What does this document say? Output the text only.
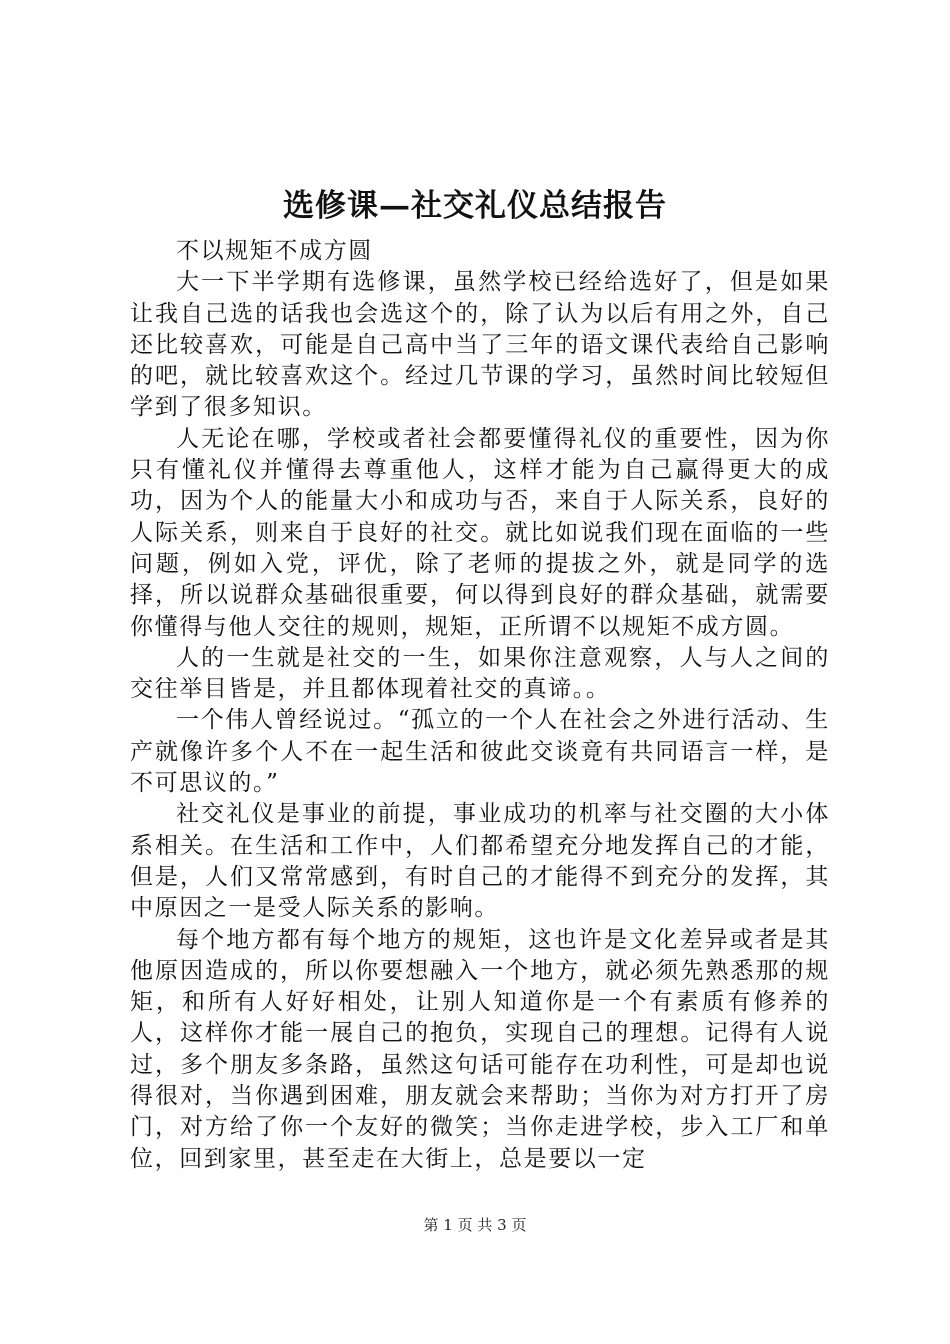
选修课—社交礼仪总结报告

不以规矩不成方圆

大一下半学期有选修课，虽然学校已经给选好了，但是如果让我自己选的话我也会选这个的，除了认为以后有用之外，自己还比较喜欢，可能是自己高中当了三年的语文课代表给自己影响的吧，就比较喜欢这个。经过几节课的学习，虽然时间比较短但学到了很多知识。

人无论在哪，学校或者社会都要懂得礼仪的重要性，因为你只有懂礼仪并懂得去尊重他人，这样才能为自己赢得更大的成功，因为个人的能量大小和成功与否，来自于人际关系，良好的人际关系，则来自于良好的社交。就比如说我们现在面临的一些问题，例如入党，评优，除了老师的提拔之外，就是同学的选择，所以说群众基础很重要，何以得到良好的群众基础，就需要你懂得与他人交往的规则，规矩，正所谓不以规矩不成方圆。

人的一生就是社交的一生，如果你注意观察，人与人之间的交往举目皆是，并且都体现着社交的真谛。。

一个伟人曾经说过。“孤立的一个人在社会之外进行活动、生产就像许多个人不在一起生活和彼此交谈竟有共同语言一样，是不可思议的。”

社交礼仪是事业的前提，事业成功的机率与社交圈的大小体系相关。在生活和工作中，人们都希望充分地发挥自己的才能，但是，人们又常常感到，有时自己的才能得不到充分的发挥，其中原因之一是受人际关系的影响。

每个地方都有每个地方的规矩，这也许是文化差异或者是其他原因造成的，所以你要想融入一个地方，就必须先熟悉那的规矩，和所有人好好相处，让别人知道你是一个有素质有修养的人，这样你才能一展自己的抱负，实现自己的理想。记得有人说过，多个朋友多条路，虽然这句话可能存在功利性，可是却也说得很对，当你遇到困难，朋友就会来帮助；当你为对方打开了房门，对方给了你一个友好的微笑；当你走进学校，步入工厂和单位，回到家里，甚至走在大街上，总是要以一定

第 1 页 共 3 页
